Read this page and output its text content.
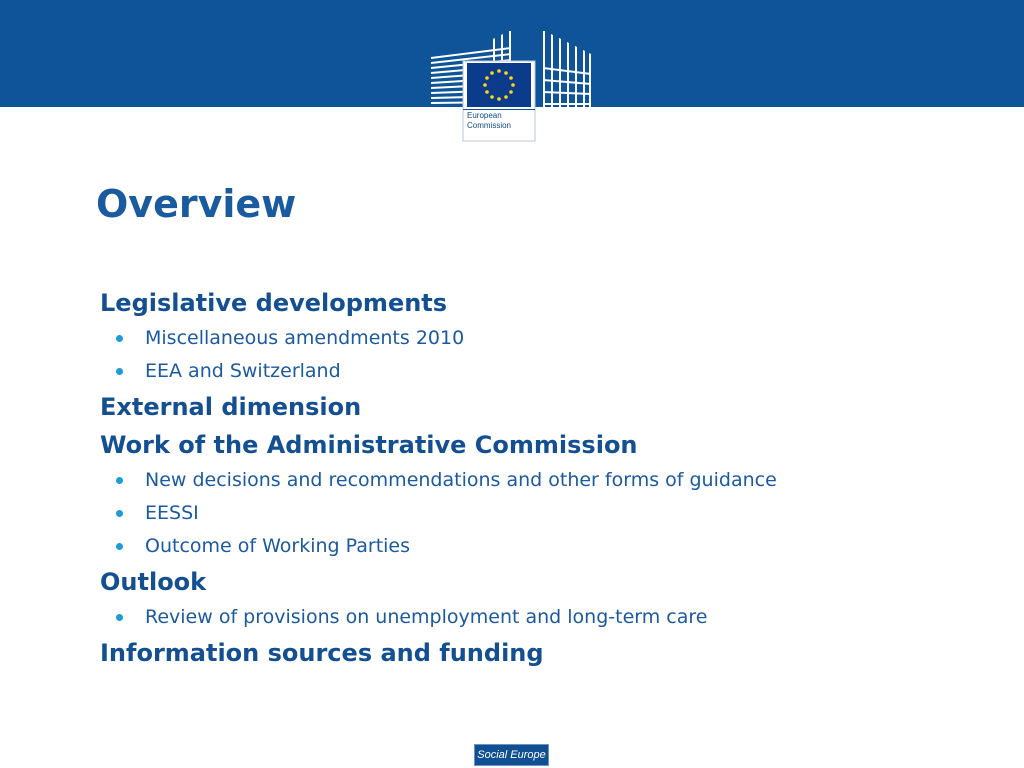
European Commission
Overview
Legislative developments
Miscellaneous amendments 2010
EEA and Switzerland
External dimension
Work of the Administrative Commission
New decisions and recommendations and other forms of guidance
EESSI
Outcome of Working Parties
Outlook
Review of provisions on unemployment and long-term care
Information sources and funding
Social Europe
